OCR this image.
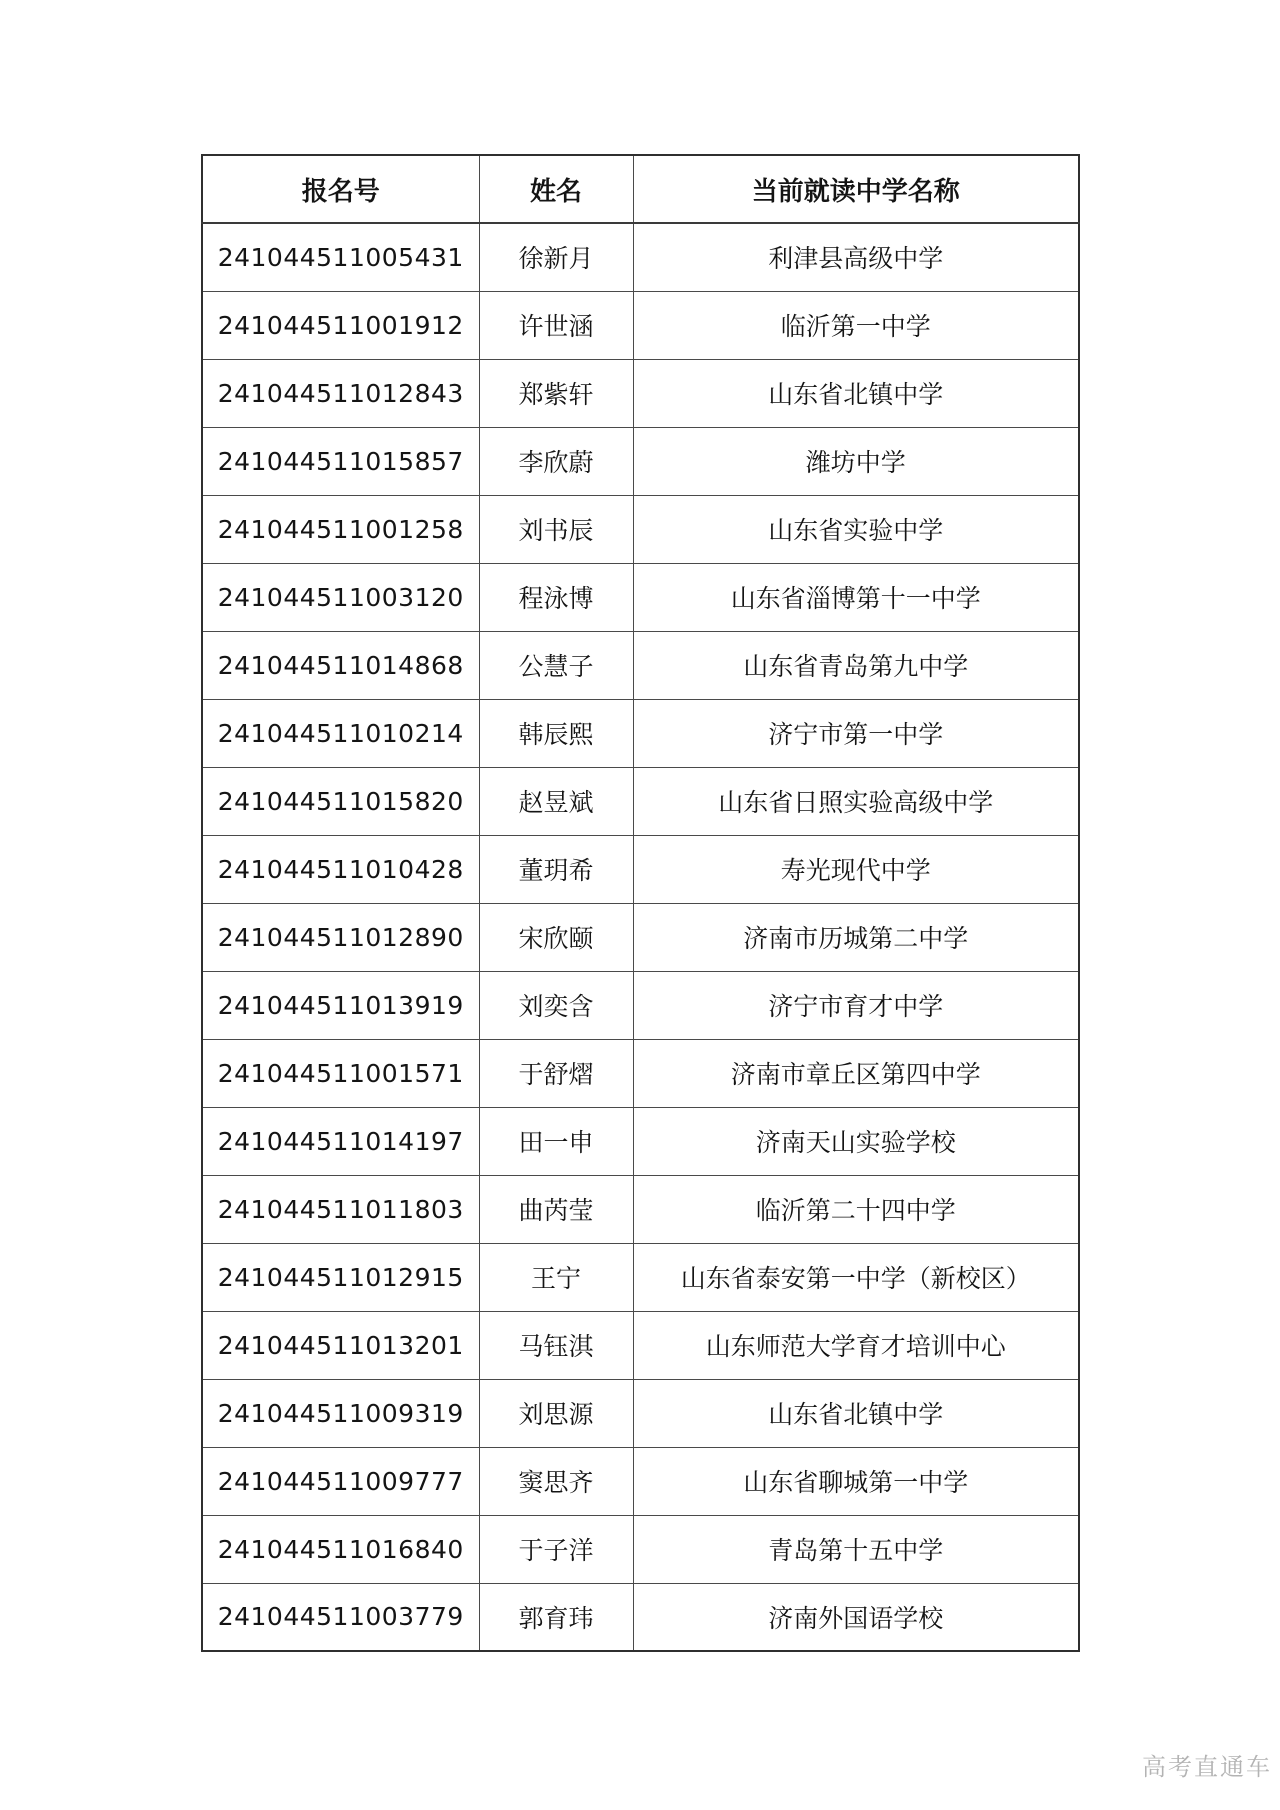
报名号	姓名	当前就读中学名称
241044511005431	徐新月	利津县高级中学
241044511001912	许世涵	临沂第一中学
241044511012843	郑紫轩	山东省北镇中学
241044511015857	李欣蔚	潍坊中学
241044511001258	刘书辰	山东省实验中学
241044511003120	程泳博	山东省淄博第十一中学
241044511014868	公慧子	山东省青岛第九中学
241044511010214	韩辰熙	济宁市第一中学
241044511015820	赵昱斌	山东省日照实验高级中学
241044511010428	董玥希	寿光现代中学
241044511012890	宋欣颐	济南市历城第二中学
241044511013919	刘奕含	济宁市育才中学
241044511001571	于舒熠	济南市章丘区第四中学
241044511014197	田一申	济南天山实验学校
241044511011803	曲芮莹	临沂第二十四中学
241044511012915	王宁	山东省泰安第一中学（新校区）
241044511013201	马钰淇	山东师范大学育才培训中心
241044511009319	刘思源	山东省北镇中学
241044511009777	窦思齐	山东省聊城第一中学
241044511016840	于子洋	青岛第十五中学
241044511003779	郭育玮	济南外国语学校
高考直通车
